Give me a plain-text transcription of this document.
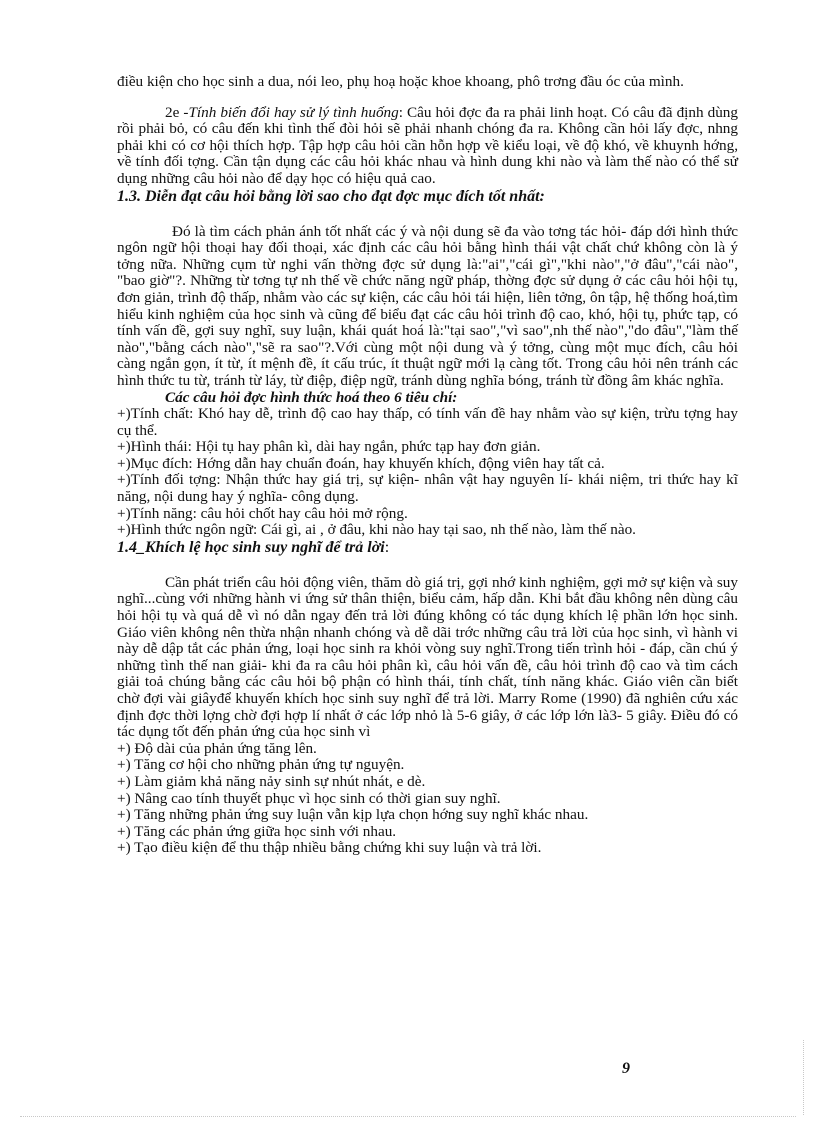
điều kiện cho học sinh a dua, nói leo, phụ hoạ hoặc khoe khoang, phô trơng đầu óc của mình.

2e -Tính biến đổi hay sử lý tình huống: Câu hỏi đợc đa ra phải linh hoạt. Có câu đã định dùng rồi phải bỏ, có câu đến khi tình thế đòi hỏi sẽ phải nhanh chóng đa ra. Không cần hỏi lấy đợc, nhng phải khi có cơ hội thích hợp. Tập hợp câu hỏi cần hỗn hợp về kiểu loại, về độ khó, về khuynh hớng, về tính đối tợng. Cần tận dụng các câu hỏi khác nhau và hình dung khi nào và làm thế nào có thể sử dụng những câu hỏi nào để dạy học có hiệu quả cao.

1.3. Diễn đạt câu hỏi bằng lời sao cho đạt đợc mục đích tốt nhất:

Đó là tìm cách phản ánh tốt nhất các ý và nội dung sẽ đa vào tơng tác hỏi- đáp dới hình thức ngôn ngữ hội thoại hay đối thoại, xác định các câu hỏi bằng hình thái vật chất chứ không còn là ý tởng nữa. Những cụm từ nghi vấn thờng đợc sử dụng là:"ai","cái gì","khi nào","ở đâu","cái nào", "bao giờ"?. Những từ tơng tự nh thế về chức năng ngữ pháp, thờng đợc sử dụng ở các câu hỏi hội tụ, đơn giản, trình độ thấp, nhằm vào các sự kiện, các câu hỏi tái hiện, liên tởng, ôn tập, hệ thống hoá,tìm hiểu kinh nghiệm của học sinh và cũng để biểu đạt các câu hỏi trình độ cao, khó, hội tụ, phức tạp, có tính vấn đề, gợi suy nghĩ, suy luận, khái quát hoá là:"tại sao","vì sao",nh thế nào","do đâu","làm thế nào","bằng cách nào","sẽ ra sao"?.Với cùng một nội dung và ý tởng, cùng một mục đích, câu hỏi càng ngắn gọn, ít từ, ít mệnh đề, ít cấu trúc, ít thuật ngữ mới lạ càng tốt. Trong câu hỏi nên tránh các hình thức tu từ, tránh từ láy, từ điệp, điệp ngữ, tránh dùng nghĩa bóng, tránh từ đồng âm khác nghĩa.

Các câu hỏi đợc hình thức hoá theo 6 tiêu chí:

+)Tính chất: Khó hay dễ, trình độ cao hay thấp, có tính vấn đề hay nhằm vào sự kiện, trừu tợng hay cụ thể.

+)Hình thái: Hội tụ hay phân kì, dài hay ngắn, phức tạp hay đơn giản.

+)Mục đích: Hớng dẫn hay chuẩn đoán, hay khuyến khích, động viên hay tất cả.

+)Tính đối tợng: Nhận thức hay giá trị, sự kiện- nhân vật hay nguyên lí- khái niệm, tri thức hay kĩ năng, nội dung hay ý nghĩa- công dụng.

+)Tính năng: câu hỏi chốt hay câu hỏi mở rộng.

+)Hình thức ngôn ngữ: Cái gì, ai , ở đâu, khi nào hay tại sao, nh thế nào, làm thế nào.

1.4_Khích lệ học sinh suy nghĩ để trả lời:

Cần phát triển câu hỏi động viên, thăm dò giá trị, gợi nhớ kinh nghiệm, gợi mở sự kiện và suy nghĩ...cùng với những hành vi ứng sử thân thiện, biểu cảm, hấp dẫn. Khi bắt đầu không nên dùng câu hỏi hội tụ và quá dễ vì nó dẫn ngay đến trả lời đúng không có tác dụng khích lệ phần lớn học sinh. Giáo viên không nên thừa nhận nhanh chóng và dễ dãi trớc những câu trả lời của học sinh, vì hành vi này dễ dập tắt các phản ứng, loại học sinh ra khỏi vòng suy nghĩ.Trong tiến trình hỏi - đáp, cần chú ý những tình thế nan giải- khi đa ra câu hỏi phân kì, câu hỏi vấn đề, câu hỏi trình độ cao và tìm cách giải toả chúng bằng các câu hỏi bộ phận có hình thái, tính chất, tính năng khác. Giáo viên cần biết chờ đợi vài giâyđể khuyến khích học sinh suy nghĩ để trả lời. Marry Rome (1990) đã nghiên cứu xác định đợc thời lợng chờ đợi hợp lí nhất ở các lớp nhỏ là 5-6 giây, ở các lớp lớn là3- 5 giây. Điều đó có tác dụng tốt đến phản ứng của học sinh vì

+) Độ dài của phản ứng tăng lên.

+) Tăng cơ hội cho những phản ứng tự nguyện.

+) Làm giảm khả năng nảy sinh sự nhút nhát, e dè.

+) Nâng cao tính thuyết phục vì học sinh có thời gian suy nghĩ.

+) Tăng những phản ứng suy luận vẫn kịp lựa chọn hớng suy nghĩ khác nhau.

+) Tăng các phản ứng giữa học sinh với nhau.

+) Tạo điều kiện để thu thập nhiều bằng chứng khi suy luận và trả lời.

9
